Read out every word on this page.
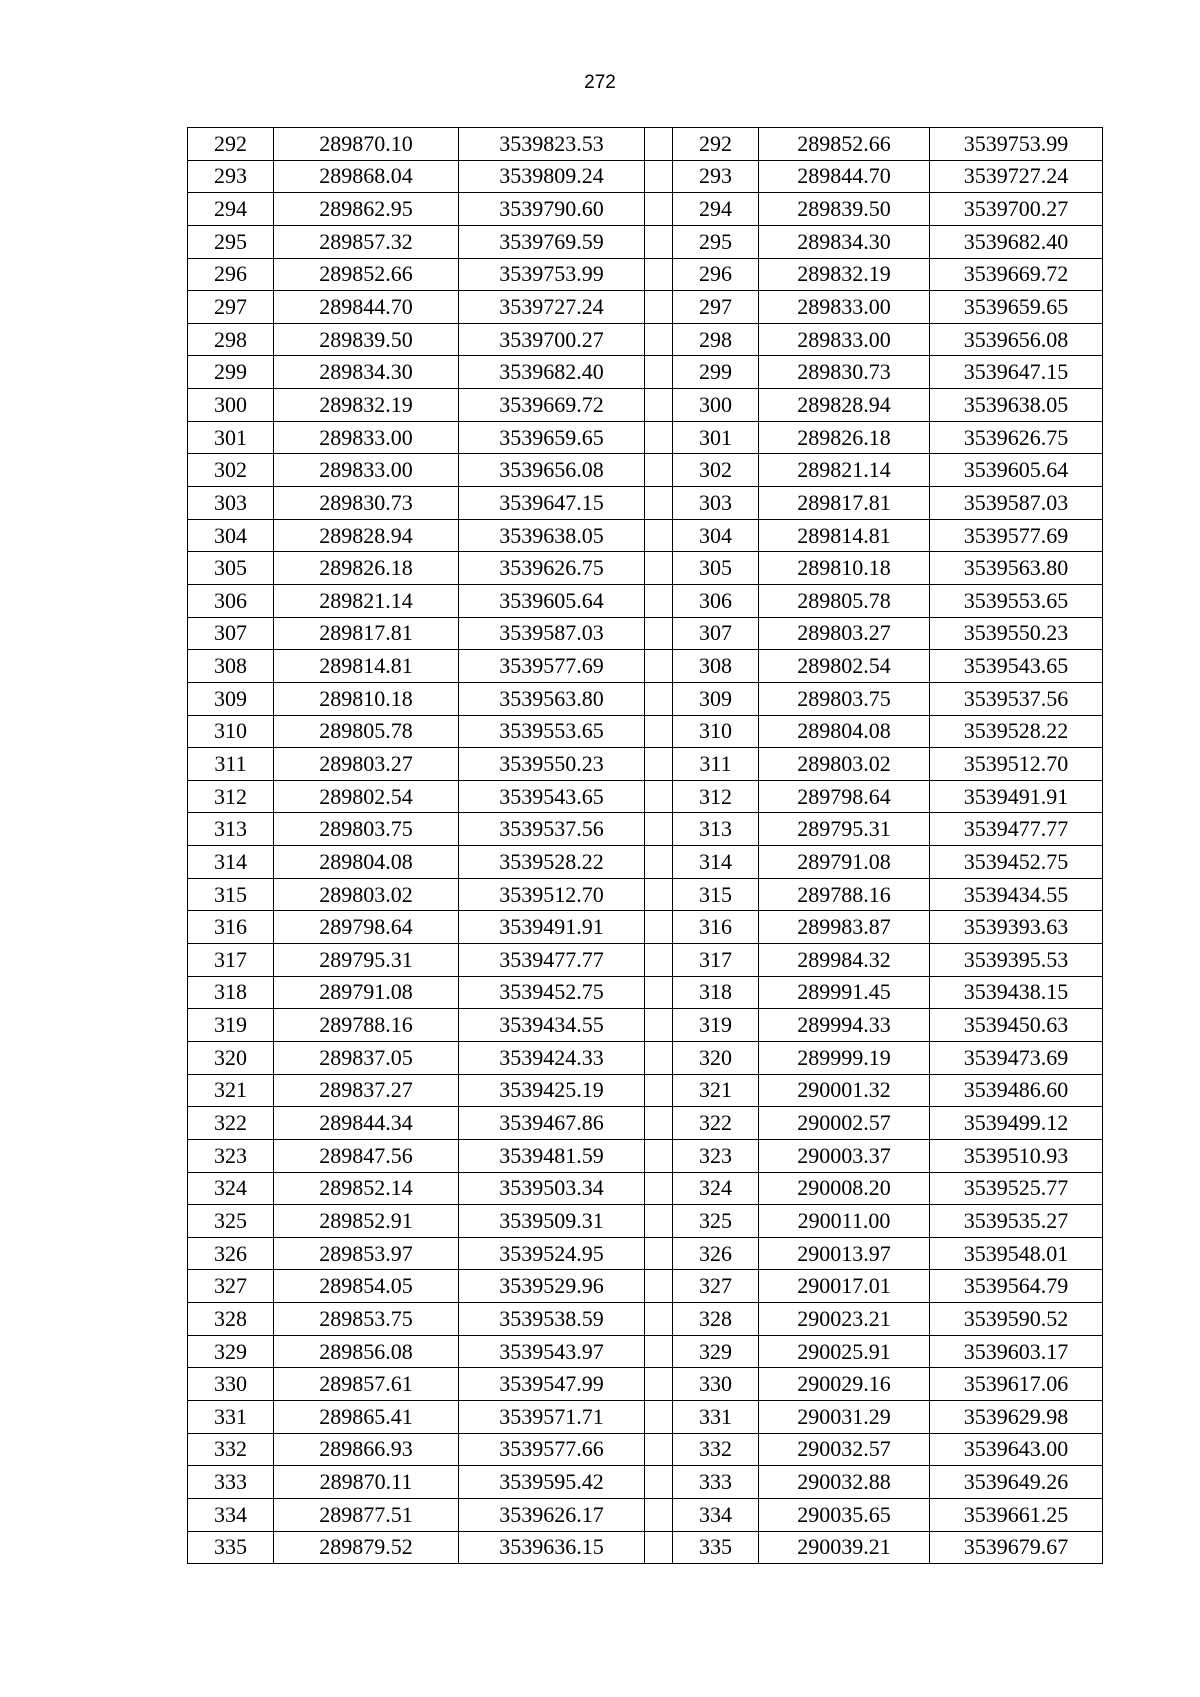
272
292	289870.10	3539823.53		292	289852.66	3539753.99
293	289868.04	3539809.24		293	289844.70	3539727.24
294	289862.95	3539790.60		294	289839.50	3539700.27
295	289857.32	3539769.59		295	289834.30	3539682.40
296	289852.66	3539753.99		296	289832.19	3539669.72
297	289844.70	3539727.24		297	289833.00	3539659.65
298	289839.50	3539700.27		298	289833.00	3539656.08
299	289834.30	3539682.40		299	289830.73	3539647.15
300	289832.19	3539669.72		300	289828.94	3539638.05
301	289833.00	3539659.65		301	289826.18	3539626.75
302	289833.00	3539656.08		302	289821.14	3539605.64
303	289830.73	3539647.15		303	289817.81	3539587.03
304	289828.94	3539638.05		304	289814.81	3539577.69
305	289826.18	3539626.75		305	289810.18	3539563.80
306	289821.14	3539605.64		306	289805.78	3539553.65
307	289817.81	3539587.03		307	289803.27	3539550.23
308	289814.81	3539577.69		308	289802.54	3539543.65
309	289810.18	3539563.80		309	289803.75	3539537.56
310	289805.78	3539553.65		310	289804.08	3539528.22
311	289803.27	3539550.23		311	289803.02	3539512.70
312	289802.54	3539543.65		312	289798.64	3539491.91
313	289803.75	3539537.56		313	289795.31	3539477.77
314	289804.08	3539528.22		314	289791.08	3539452.75
315	289803.02	3539512.70		315	289788.16	3539434.55
316	289798.64	3539491.91		316	289983.87	3539393.63
317	289795.31	3539477.77		317	289984.32	3539395.53
318	289791.08	3539452.75		318	289991.45	3539438.15
319	289788.16	3539434.55		319	289994.33	3539450.63
320	289837.05	3539424.33		320	289999.19	3539473.69
321	289837.27	3539425.19		321	290001.32	3539486.60
322	289844.34	3539467.86		322	290002.57	3539499.12
323	289847.56	3539481.59		323	290003.37	3539510.93
324	289852.14	3539503.34		324	290008.20	3539525.77
325	289852.91	3539509.31		325	290011.00	3539535.27
326	289853.97	3539524.95		326	290013.97	3539548.01
327	289854.05	3539529.96		327	290017.01	3539564.79
328	289853.75	3539538.59		328	290023.21	3539590.52
329	289856.08	3539543.97		329	290025.91	3539603.17
330	289857.61	3539547.99		330	290029.16	3539617.06
331	289865.41	3539571.71		331	290031.29	3539629.98
332	289866.93	3539577.66		332	290032.57	3539643.00
333	289870.11	3539595.42		333	290032.88	3539649.26
334	289877.51	3539626.17		334	290035.65	3539661.25
335	289879.52	3539636.15		335	290039.21	3539679.67
